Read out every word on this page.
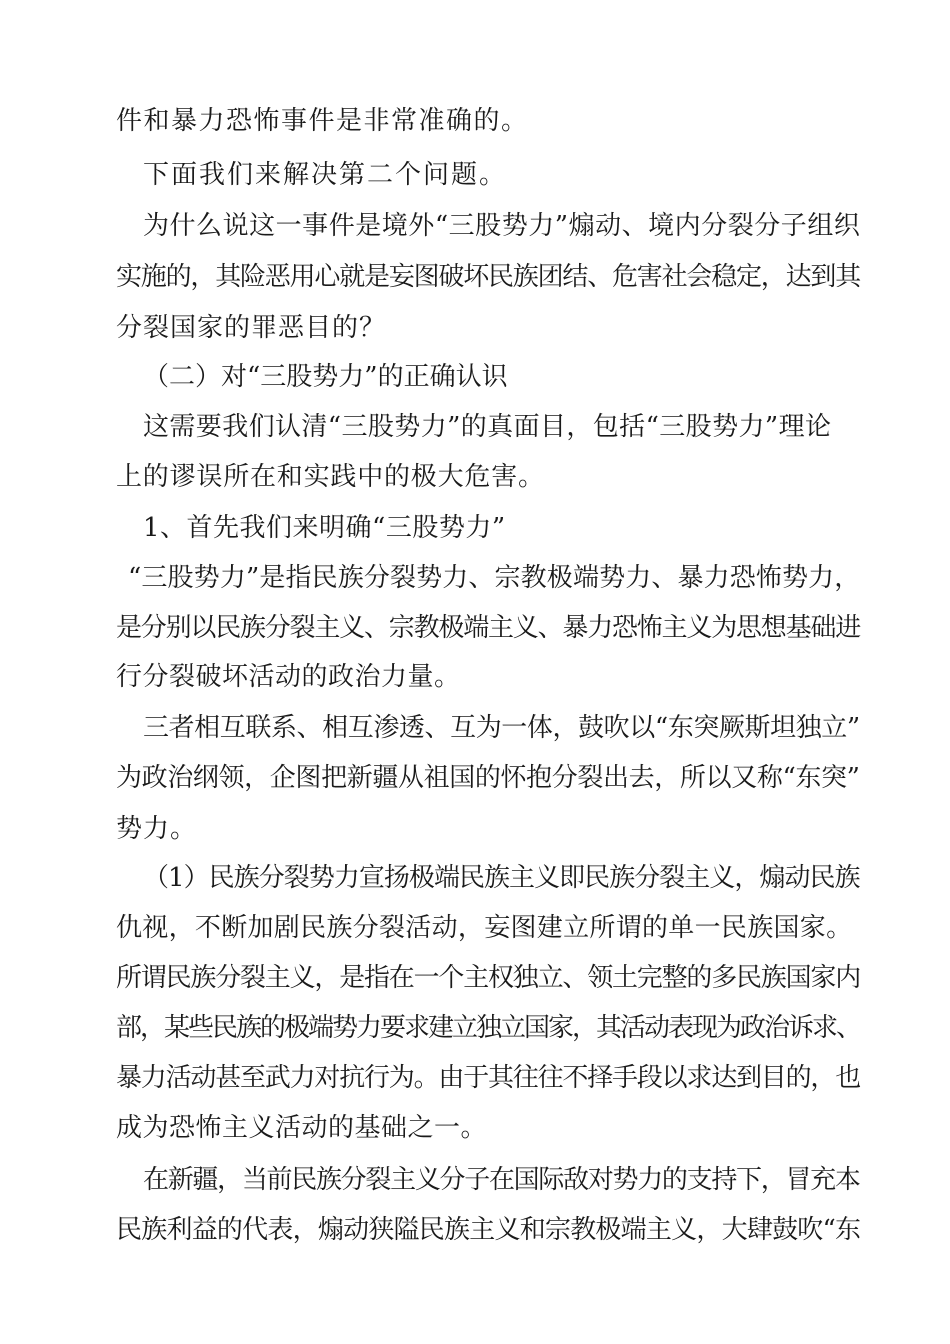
件和暴力恐怖事件是非常准确的。
下面我们来解决第二个问题。
为什么说这一事件是境外“三股势力”煽动、境内分裂分子组织
实施的，其险恶用心就是妄图破坏民族团结、危害社会稳定，达到其
分裂国家的罪恶目的？
（二）对“三股势力”的正确认识
这需要我们认清“三股势力”的真面目，包括“三股势力”理论
上的谬误所在和实践中的极大危害。
1、首先我们来明确“三股势力”
“三股势力”是指民族分裂势力、宗教极端势力、暴力恐怖势力，
是分别以民族分裂主义、宗教极端主义、暴力恐怖主义为思想基础进
行分裂破坏活动的政治力量。
三者相互联系、相互渗透、互为一体，鼓吹以“东突厥斯坦独立”
为政治纲领，企图把新疆从祖国的怀抱分裂出去，所以又称“东突”
势力。
（1）民族分裂势力宣扬极端民族主义即民族分裂主义，煽动民族
仇视，不断加剧民族分裂活动，妄图建立所谓的单一民族国家。
所谓民族分裂主义，是指在一个主权独立、领土完整的多民族国家内
部，某些民族的极端势力要求建立独立国家，其活动表现为政治诉求、
暴力活动甚至武力对抗行为。由于其往往不择手段以求达到目的，也
成为恐怖主义活动的基础之一。
在新疆，当前民族分裂主义分子在国际敌对势力的支持下，冒充本
民族利益的代表，煽动狭隘民族主义和宗教极端主义，大肆鼓吹“东
